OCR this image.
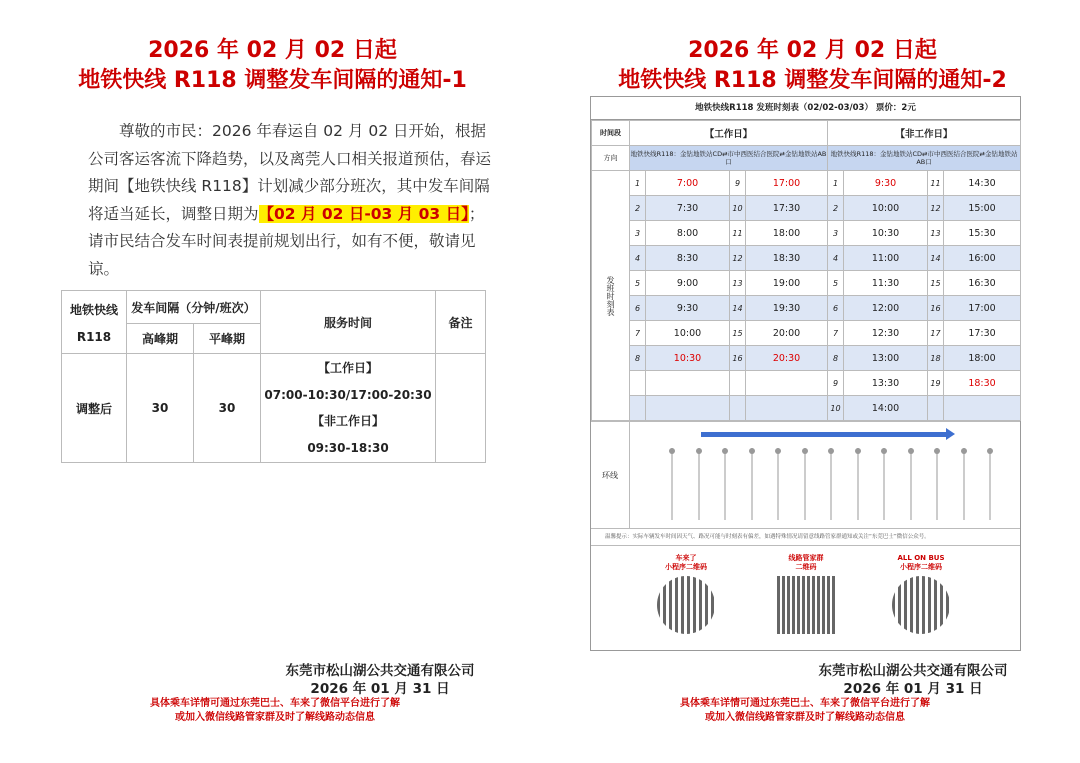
2026 年 02 月 02 日起
地铁快线 R118 调整发车间隔的通知-1
尊敬的市民：2026 年春运自 02 月 02 日开始，根据公司客运客流下降趋势，以及离莞人口相关报道预估，春运期间【地铁快线 R118】计划减少部分班次，其中发车间隔将适当延长，调整日期为【02 月 02 日-03 月 03 日】；请市民结合发车时间表提前规划出行，如有不便，敬请见谅。
地铁快线
R118	发车间隔（分钟/班次）		服务时间	备注
	高峰期	平峰期		
调整后	30	30	【工作日】
07:00-10:30/17:00-20:30
【非工作日】
09:30-18:30	

东莞市松山湖公共交通有限公司
2026 年 01 月 31 日
具体乘车详情可通过东莞巴士、车来了微信平台进行了解
或加入微信线路管家群及时了解线路动态信息
2026 年 02 月 02 日起
地铁快线 R118 调整发车间隔的通知-2
地铁快线R118 发班时刻表（02/02-03/03） 票价：2元
时间段	【工作日】				【非工作日】			
方向	地铁快线R118：金钻地铁站CD⇄市中西医结合医院⇄金钻地铁站AB口				地铁快线R118：金钻地铁站CD⇄市中西医结合医院⇄金钻地铁站AB口			
发班时刻表	1	7:00	9	17:00	1	9:30	11	14:30
	2	7:30	10	17:30	2	10:00	12	15:00
	3	8:00	11	18:00	3	10:30	13	15:30
	4	8:30	12	18:30	4	11:00	14	16:00
	5	9:00	13	19:00	5	11:30	15	16:30
	6	9:30	14	19:30	6	12:00	16	17:00
	7	10:00	15	20:00	7	12:30	17	17:30
	8	10:30	16	20:30	8	13:00	18	18:00
					9	13:30	19	18:30
					10	14:00		
环线
温馨提示：实际车辆发车时间因天气、路况可能与时刻表有偏差，如遇特殊情况请留意线路管家群通知或关注“东莞巴士”微信公众号。
车来了
小程序二维码
线路管家群
二维码
ALL ON BUS
小程序二维码
东莞市松山湖公共交通有限公司
2026 年 01 月 31 日
具体乘车详情可通过东莞巴士、车来了微信平台进行了解
或加入微信线路管家群及时了解线路动态信息
